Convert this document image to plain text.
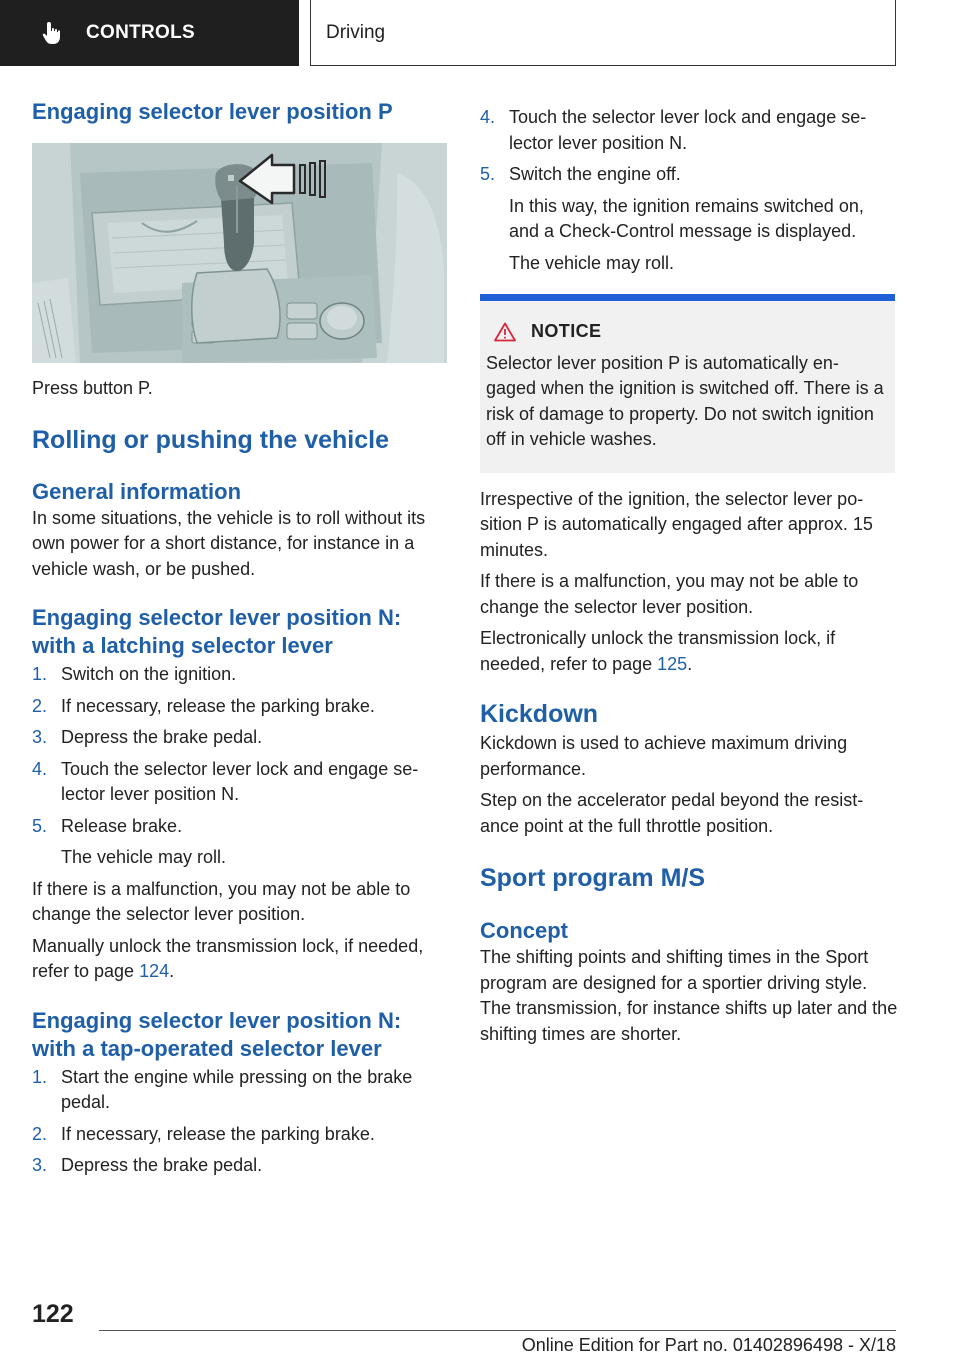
CONTROLS	Driving
Engaging selector lever position P

Press button P.

Rolling or pushing the vehicle
General information

In some situations, the vehicle is to roll without its own power for a short distance, for instance in a vehicle wash, or be pushed.

Engaging selector lever position N: with a latching selector lever
1. Switch on the ignition.
2. If necessary, release the parking brake.
3. Depress the brake pedal.
4. Touch the selector lever lock and engage se‐ lector lever position N.
5. Release brake.

The vehicle may roll.

If there is a malfunction, you may not be able to change the selector lever position.

Manually unlock the transmission lock, if needed, refer to page 124.

Engaging selector lever position N: with a tap-operated selector lever
1. Start the engine while pressing on the brake pedal.
2. If necessary, release the parking brake.
3. Depress the brake pedal.
4. Touch the selector lever lock and engage se‐ lector lever position N.
5. Switch the engine off.

In this way, the ignition remains switched on, and a Check-Control message is displayed.

The vehicle may roll.

NOTICE

Selector lever position P is automatically en‐ gaged when the ignition is switched off. There is a risk of damage to property. Do not switch ignition off in vehicle washes.

Irrespective of the ignition, the selector lever po‐ sition P is automatically engaged after approx. 15 minutes.

If there is a malfunction, you may not be able to change the selector lever position.

Electronically unlock the transmission lock, if needed, refer to page 125.

Kickdown

Kickdown is used to achieve maximum driving performance.

Step on the accelerator pedal beyond the resist‐ ance point at the full throttle position.

Sport program M/S
Concept

The shifting points and shifting times in the Sport program are designed for a sportier driving style. The transmission, for instance shifts up later and the shifting times are shorter.

122
Online Edition for Part no. 01402896498 - X/18
